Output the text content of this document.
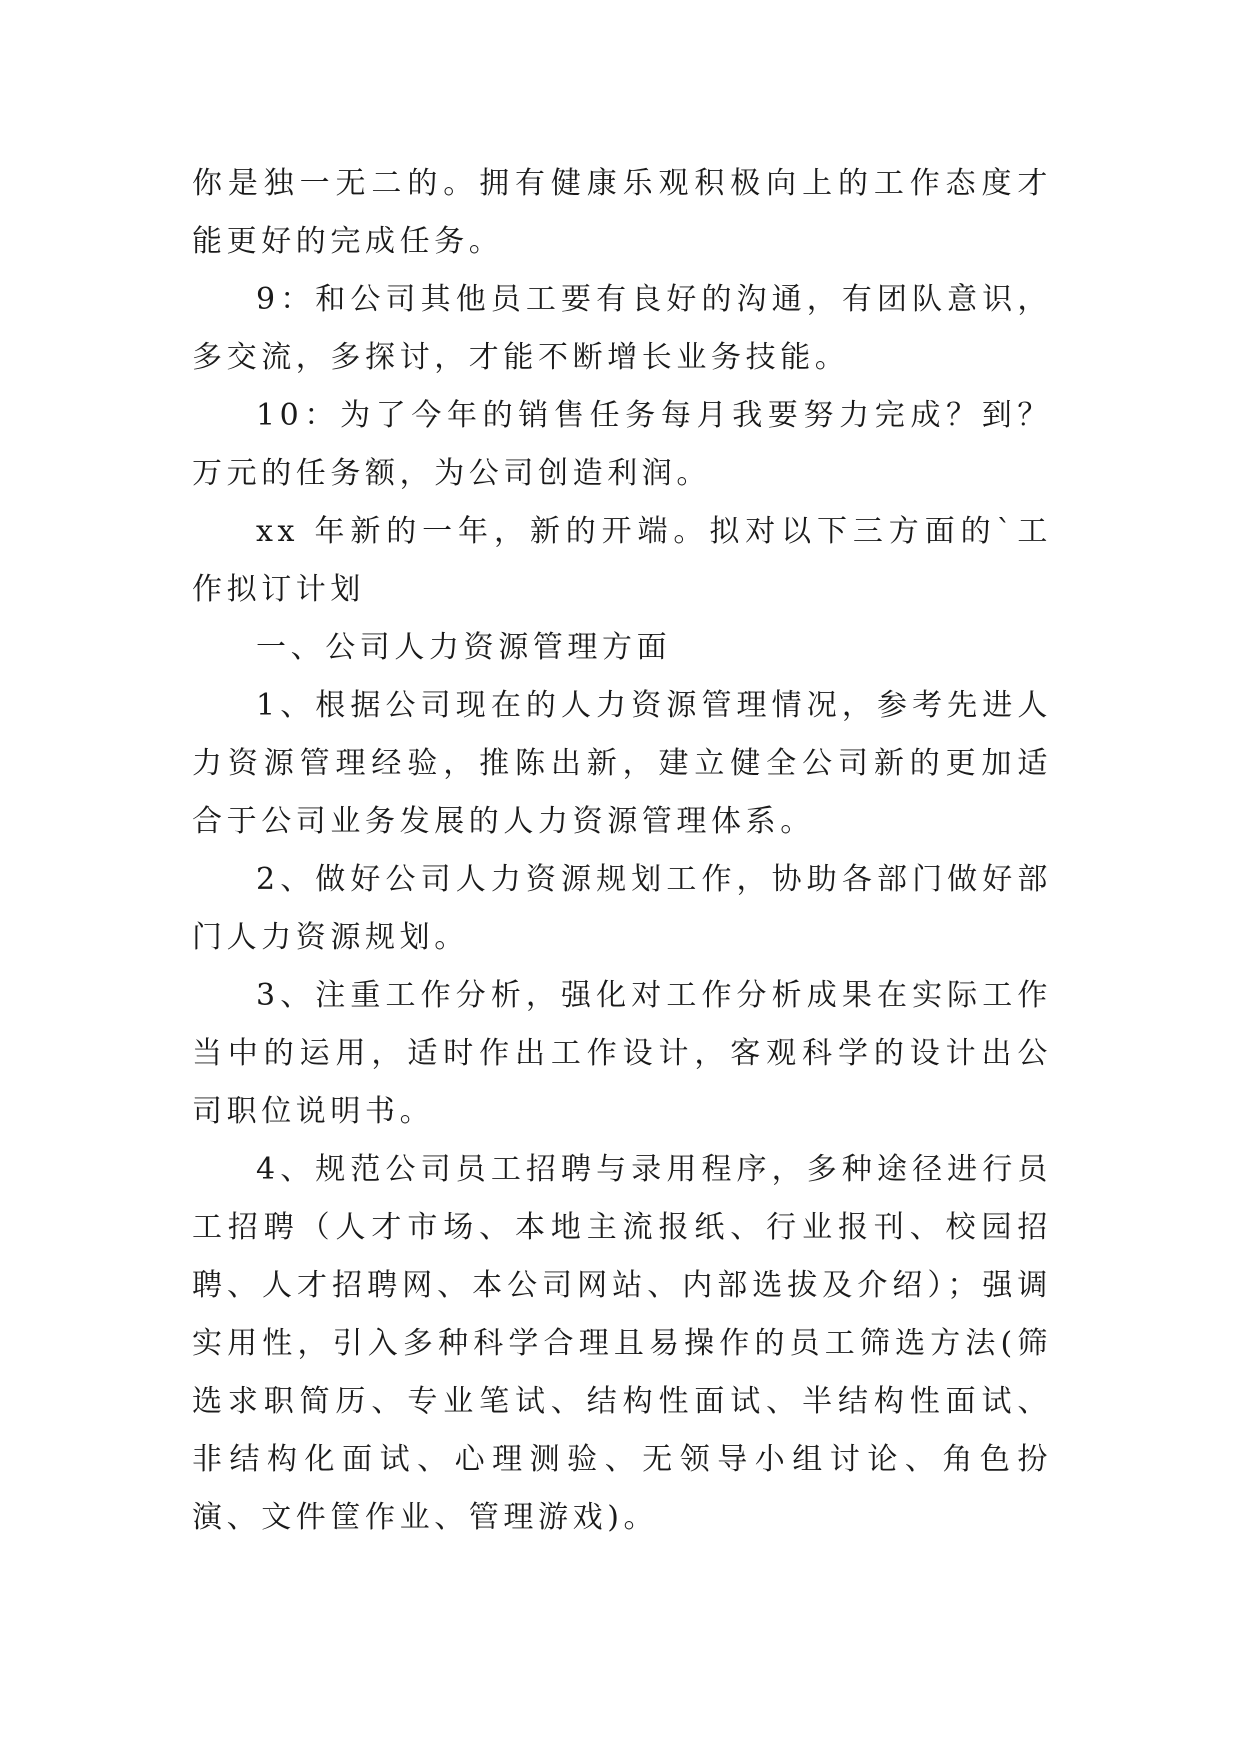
你是独一无二的。拥有健康乐观积极向上的工作态度才能更好的完成任务。

9：和公司其他员工要有良好的沟通，有团队意识，多交流，多探讨，才能不断增长业务技能。

10：为了今年的销售任务每月我要努力完成？到？万元的任务额，为公司创造利润。

xx 年新的一年，新的开端。拟对以下三方面的`工作拟订计划

一、公司人力资源管理方面

1、根据公司现在的人力资源管理情况，参考先进人力资源管理经验，推陈出新，建立健全公司新的更加适合于公司业务发展的人力资源管理体系。

2、做好公司人力资源规划工作，协助各部门做好部门人力资源规划。

3、注重工作分析，强化对工作分析成果在实际工作当中的运用，适时作出工作设计，客观科学的设计出公司职位说明书。

4、规范公司员工招聘与录用程序，多种途径进行员工招聘（人才市场、本地主流报纸、行业报刊、校园招聘、人才招聘网、本公司网站、内部选拔及介绍）；强调实用性，引入多种科学合理且易操作的员工筛选方法(筛选求职简历、专业笔试、结构性面试、半结构性面试、非结构化面试、心理测验、无领导小组讨论、角色扮演、文件筐作业、管理游戏)。
